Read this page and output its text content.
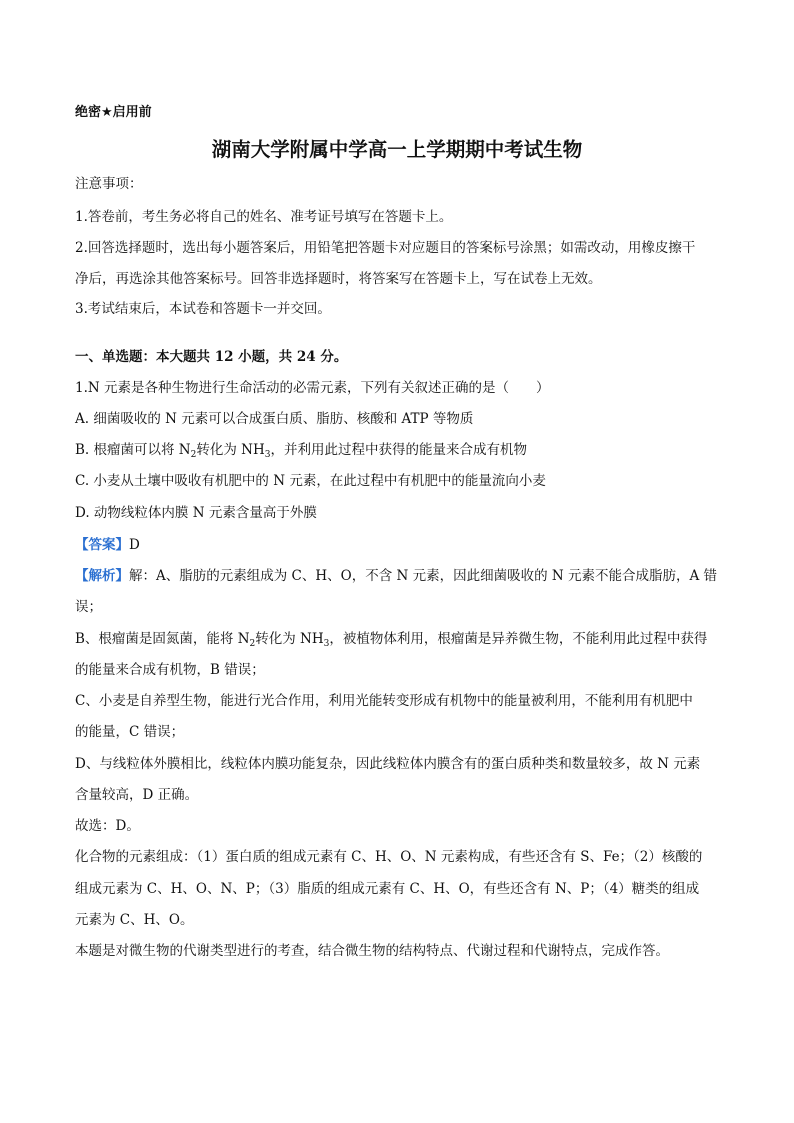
绝密★启用前
湖南大学附属中学高一上学期期中考试生物
注意事项：
1.答卷前，考生务必将自己的姓名、准考证号填写在答题卡上。
2.回答选择题时，选出每小题答案后，用铅笔把答题卡对应题目的答案标号涂黑；如需改动，用橡皮擦干
净后，再选涂其他答案标号。回答非选择题时，将答案写在答题卡上，写在试卷上无效。
3.考试结束后，本试卷和答题卡一并交回。
一、单选题：本大题共 12 小题，共 24 分。
1.N 元素是各种生物进行生命活动的必需元素，下列有关叙述正确的是（　　）
A. 细菌吸收的 N 元素可以合成蛋白质、脂肪、核酸和 ATP 等物质
B. 根瘤菌可以将 $N_2$转化为 $NH_3$，并利用此过程中获得的能量来合成有机物
C. 小麦从土壤中吸收有机肥中的 N 元素，在此过程中有机肥中的能量流向小麦
D. 动物线粒体内膜 N 元素含量高于外膜
【答案】D
【解析】解：A、脂肪的元素组成为 C、H、O，不含 N 元素，因此细菌吸收的 N 元素不能合成脂肪，A 错
误；
B、根瘤菌是固氮菌，能将 $N_2$转化为 $NH_3$，被植物体利用，根瘤菌是异养微生物，不能利用此过程中获得
的能量来合成有机物，B 错误；
C、小麦是自养型生物，能进行光合作用，利用光能转变形成有机物中的能量被利用，不能利用有机肥中
的能量，C 错误；
D、与线粒体外膜相比，线粒体内膜功能复杂，因此线粒体内膜含有的蛋白质种类和数量较多，故 N 元素
含量较高，D 正确。
故选：D。
化合物的元素组成：（1）蛋白质的组成元素有 C、H、O、N 元素构成，有些还含有 S、Fe；（2）核酸的
组成元素为 C、H、O、N、P；（3）脂质的组成元素有 C、H、O，有些还含有 N、P；（4）糖类的组成
元素为 C、H、O。
本题是对微生物的代谢类型进行的考查，结合微生物的结构特点、代谢过程和代谢特点，完成作答。
